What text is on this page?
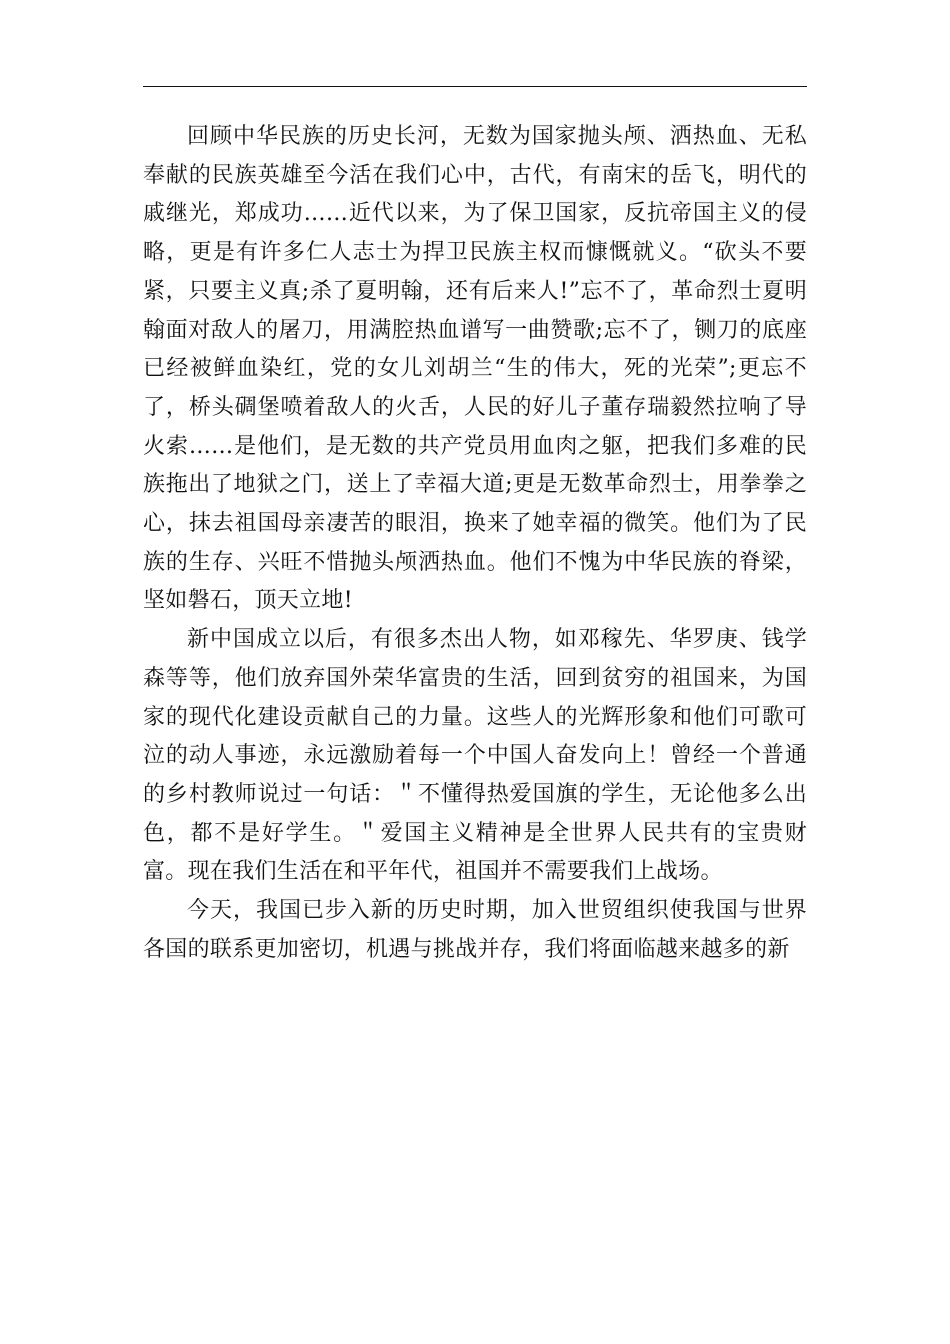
回顾中华民族的历史长河，无数为国家抛头颅、洒热血、无私奉献的民族英雄至今活在我们心中，古代，有南宋的岳飞，明代的戚继光，郑成功……近代以来，为了保卫国家，反抗帝国主义的侵略，更是有许多仁人志士为捍卫民族主权而慷慨就义。“砍头不要紧，只要主义真;杀了夏明翰，还有后来人!”忘不了，革命烈士夏明翰面对敌人的屠刀，用满腔热血谱写一曲赞歌;忘不了，铡刀的底座已经被鲜血染红，党的女儿刘胡兰“生的伟大，死的光荣”;更忘不了，桥头碉堡喷着敌人的火舌，人民的好儿子董存瑞毅然拉响了导火索……是他们，是无数的共产党员用血肉之躯，把我们多难的民族拖出了地狱之门，送上了幸福大道;更是无数革命烈士，用拳拳之心，抹去祖国母亲凄苦的眼泪，换来了她幸福的微笑。他们为了民族的生存、兴旺不惜抛头颅洒热血。他们不愧为中华民族的脊梁，坚如磐石，顶天立地!

新中国成立以后，有很多杰出人物，如邓稼先、华罗庚、钱学森等等，他们放弃国外荣华富贵的生活，回到贫穷的祖国来，为国家的现代化建设贡献自己的力量。这些人的光辉形象和他们可歌可泣的动人事迹，永远激励着每一个中国人奋发向上！曾经一个普通的乡村教师说过一句话：＂不懂得热爱国旗的学生，无论他多么出色，都不是好学生。＂爱国主义精神是全世界人民共有的宝贵财富。现在我们生活在和平年代，祖国并不需要我们上战场。

今天，我国已步入新的历史时期，加入世贸组织使我国与世界各国的联系更加密切，机遇与挑战并存，我们将面临越来越多的新
